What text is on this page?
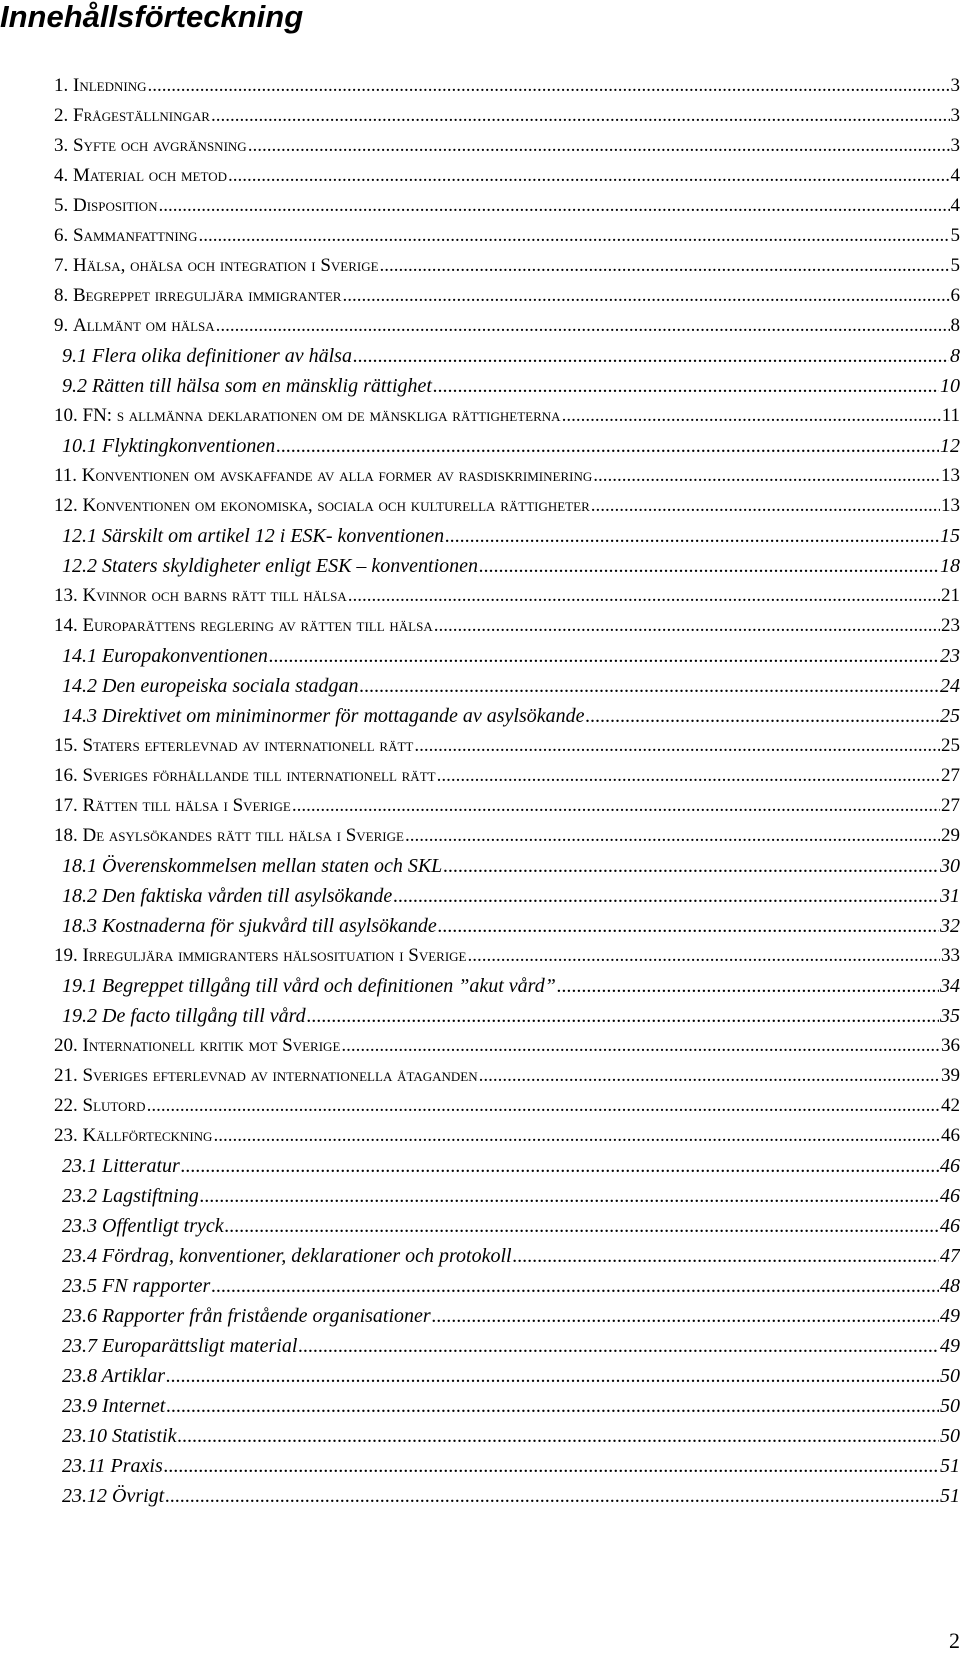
Innehållsförteckning
1. Inledning .....	3
2. Frågeställningar .....	3
3. Syfte och avgränsning .....	3
4. Material och metod .....	4
5. Disposition .....	4
6. Sammanfattning .....	5
7. Hälsa, ohälsa och integration i Sverige .....	5
8. Begreppet irreguljära immigranter .....	6
9. Allmänt om hälsa .....	8
9.1 Flera olika definitioner av hälsa .....	8
9.2 Rätten till hälsa som en mänsklig rättighet .....	10
10. FN: s allmänna deklarationen om de mänskliga rättigheterna .....	11
10.1 Flyktingkonventionen .....	12
11. Konventionen om avskaffande av alla former av rasdiskriminering .....	13
12. Konventionen om ekonomiska, sociala och kulturella rättigheter .....	13
12.1 Särskilt om artikel 12 i ESK- konventionen .....	15
12.2 Staters skyldigheter enligt ESK – konventionen .....	18
13. Kvinnor och barns rätt till hälsa .....	21
14. Europarättens reglering av rätten till hälsa .....	23
14.1 Europakonventionen .....	23
14.2 Den europeiska sociala stadgan .....	24
14.3 Direktivet om miniminormer för mottagande av asylsökande .....	25
15. Staters efterlevnad av internationell rätt .....	25
16. Sveriges förhållande till internationell rätt .....	27
17. Rätten till hälsa i Sverige .....	27
18. De asylsökandes rätt till hälsa i Sverige .....	29
18.1 Överenskommelsen mellan staten och SKL .....	30
18.2 Den faktiska vården till asylsökande .....	31
18.3 Kostnaderna för sjukvård till asylsökande .....	32
19. Irreguljära immigranters hälsosituation i Sverige .....	33
19.1 Begreppet tillgång till vård och definitionen ”akut vård” .....	34
19.2 De facto tillgång till vård .....	35
20. Internationell kritik mot Sverige .....	36
21. Sveriges efterlevnad av internationella åtaganden .....	39
22. Slutord .....	42
23. Källförteckning .....	46
23.1 Litteratur .....	46
23.2 Lagstiftning .....	46
23.3 Offentligt tryck .....	46
23.4 Fördrag, konventioner, deklarationer och protokoll .....	47
23.5 FN rapporter .....	48
23.6 Rapporter från fristående organisationer .....	49
23.7 Europarättsligt material .....	49
23.8 Artiklar .....	50
23.9 Internet .....	50
23.10 Statistik .....	50
23.11 Praxis .....	51
23.12 Övrigt .....	51
2
